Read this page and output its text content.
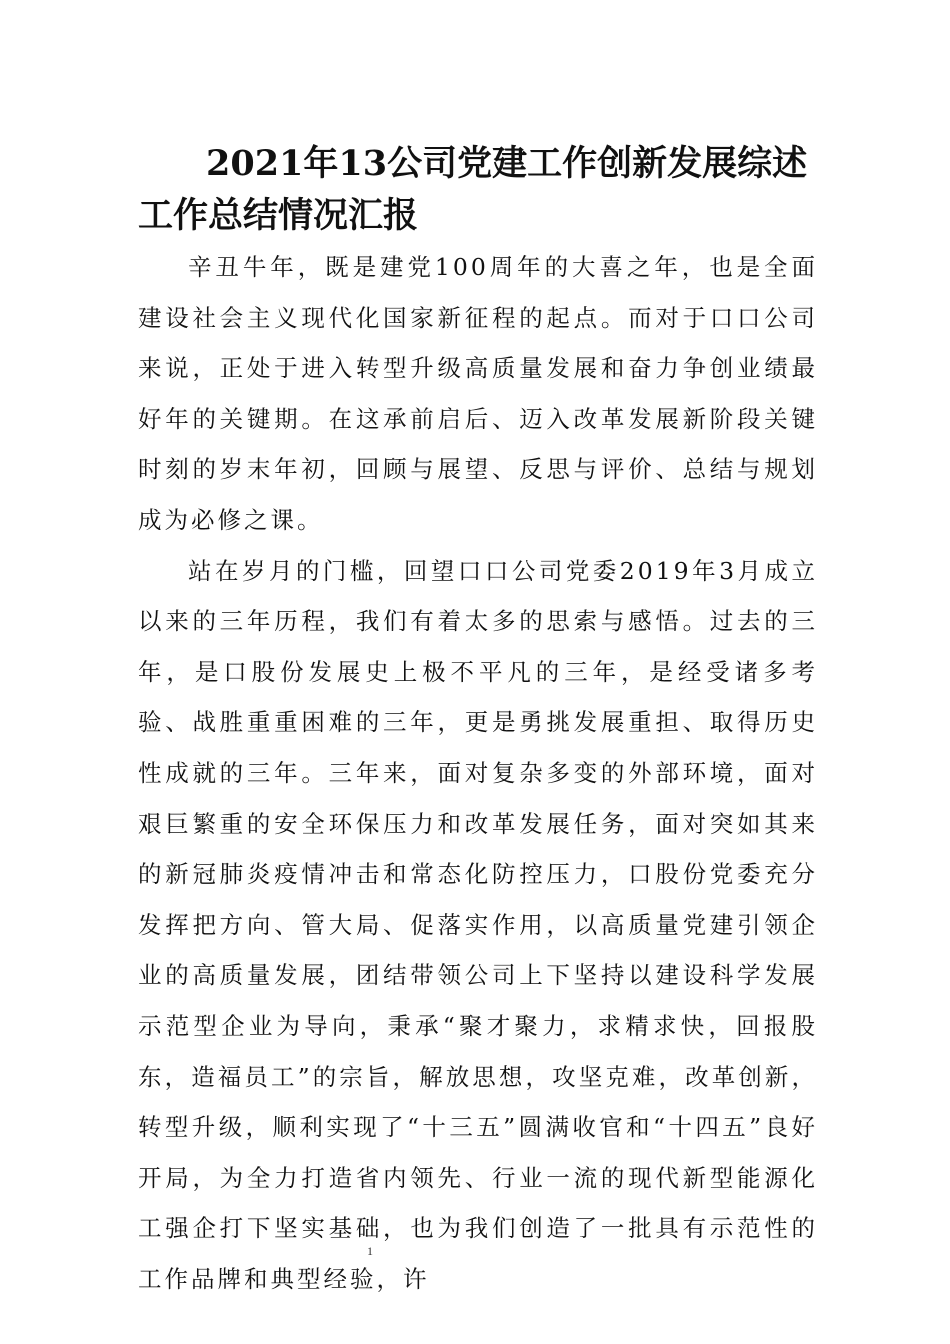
2021年13公司党建工作创新发展综述工作总结情况汇报

辛丑牛年，既是建党100周年的大喜之年，也是全面建设社会主义现代化国家新征程的起点。而对于口口公司来说，正处于进入转型升级高质量发展和奋力争创业绩最好年的关键期。在这承前启后、迈入改革发展新阶段关键时刻的岁末年初，回顾与展望、反思与评价、总结与规划成为必修之课。

站在岁月的门槛，回望口口公司党委2019年3月成立以来的三年历程，我们有着太多的思索与感悟。过去的三年，是口股份发展史上极不平凡的三年，是经受诸多考验、战胜重重困难的三年，更是勇挑发展重担、取得历史性成就的三年。三年来，面对复杂多变的外部环境，面对艰巨繁重的安全环保压力和改革发展任务，面对突如其来的新冠肺炎疫情冲击和常态化防控压力，口股份党委充分发挥把方向、管大局、促落实作用，以高质量党建引领企业的高质量发展，团结带领公司上下坚持以建设科学发展示范型企业为导向，秉承“聚才聚力，求精求快，回报股东，造福员工”的宗旨，解放思想，攻坚克难，改革创新，转型升级，顺利实现了“十三五”圆满收官和“十四五”良好开局，为全力打造省内领先、行业一流的现代新型能源化工强企打下坚实基础，也为我们创造了一批具有示范性的工作品牌和典型经验，许

1
